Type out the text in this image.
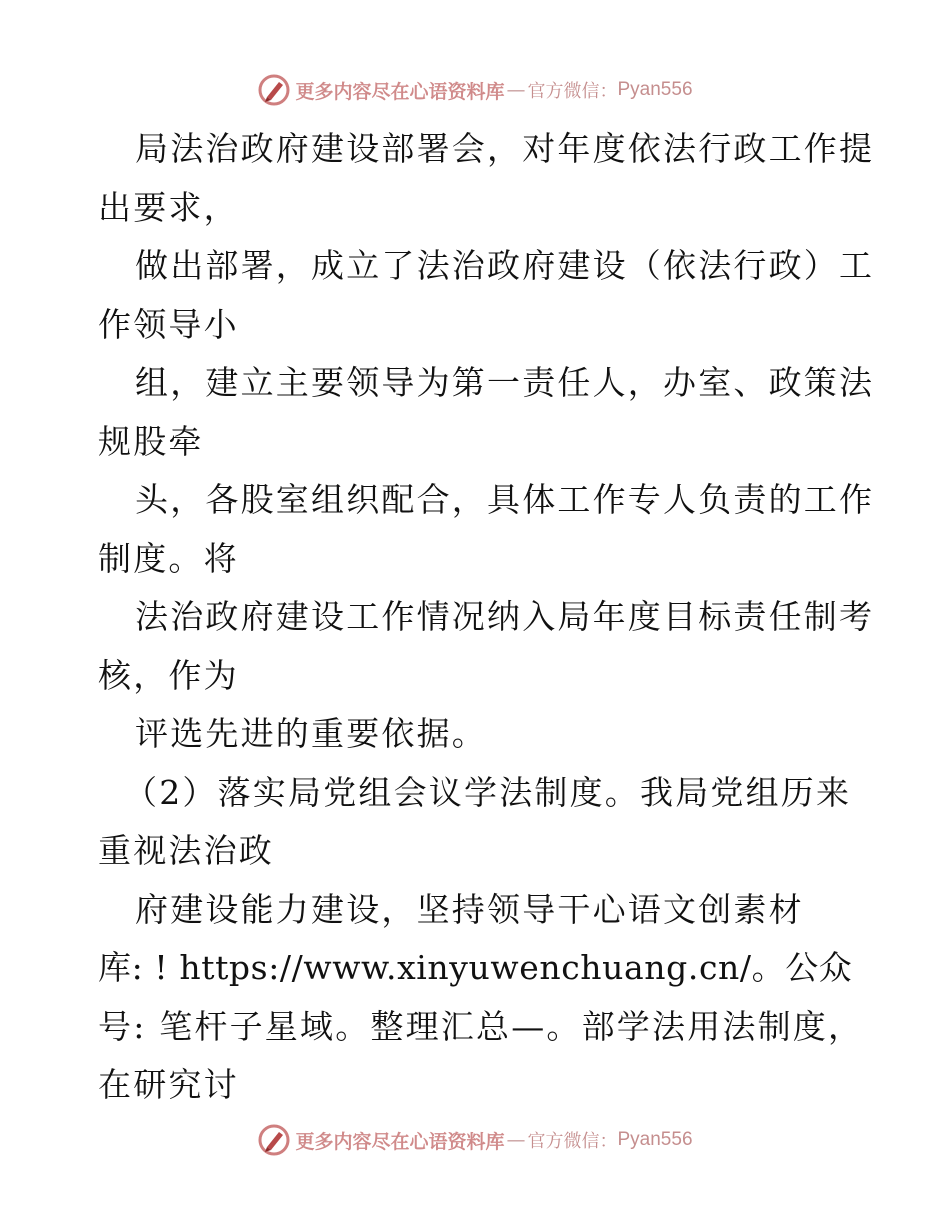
更多内容尽在心语资料库 — 官方微信： Pyan556
局法治政府建设部署会，对年度依法行政工作提
出要求，
做出部署，成立了法治政府建设（依法行政）工
作领导小
组，建立主要领导为第一责任人，办室、政策法
规股牵
头，各股室组织配合，具体工作专人负责的工作
制度。将
法治政府建设工作情况纳入局年度目标责任制考
核，作为
评选先进的重要依据。
（2）落实局党组会议学法制度。我局党组历来
重视法治政
府建设能力建设，坚持领导干心语文创素材
库: ! https://www.xinyuwenchuang.cn/。公众
号: 笔杆子星域。整理汇总—。部学法用法制度，
在研究讨
更多内容尽在心语资料库 — 官方微信： Pyan556
